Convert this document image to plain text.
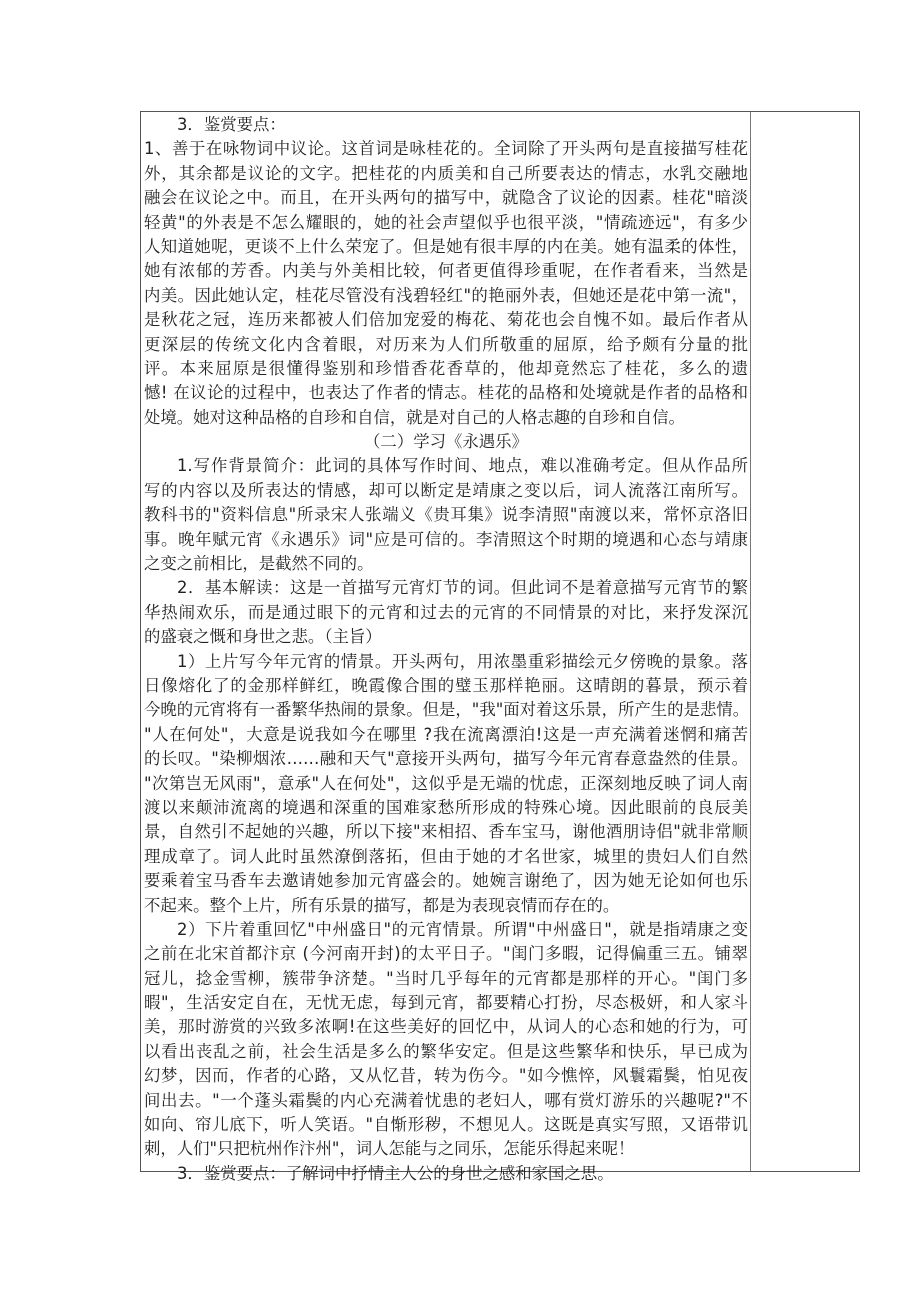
3．鉴赏要点：
1、善于在咏物词中议论。这首词是咏桂花的。全词除了开头两句是直接描写桂花
外，其余都是议论的文字。把桂花的内质美和自己所要表达的情志，水乳交融地
融会在议论之中。而且，在开头两句的描写中，就隐含了议论的因素。桂花"暗淡
轻黄"的外表是不怎么耀眼的，她的社会声望似乎也很平淡，"情疏迹远"，有多少
人知道她呢，更谈不上什么荣宠了。但是她有很丰厚的内在美。她有温柔的体性，
她有浓郁的芳香。内美与外美相比较，何者更值得珍重呢，在作者看来，当然是
内美。因此她认定，桂花尽管没有浅碧轻红"的艳丽外表，但她还是花中第一流"，
是秋花之冠，连历来都被人们倍加宠爱的梅花、菊花也会自愧不如。最后作者从
更深层的传统文化内含着眼，对历来为人们所敬重的屈原，给予颇有分量的批
评。本来屈原是很懂得鉴别和珍惜香花香草的，他却竟然忘了桂花，多么的遗
憾! 在议论的过程中，也表达了作者的情志。桂花的品格和处境就是作者的品格和
处境。她对这种品格的自珍和自信，就是对自己的人格志趣的自珍和自信。
（二）学习《永遇乐》
1.写作背景简介：此词的具体写作时间、地点，难以准确考定。但从作品所
写的内容以及所表达的情感，却可以断定是靖康之变以后，词人流落江南所写。
教科书的"资料信息"所录宋人张端义《贵耳集》说李清照"南渡以来，常怀京洛旧
事。晚年赋元宵《永遇乐》词"应是可信的。李清照这个时期的境遇和心态与靖康
之变之前相比，是截然不同的。
2．基本解读：这是一首描写元宵灯节的词。但此词不是着意描写元宵节的繁
华热闹欢乐，而是通过眼下的元宵和过去的元宵的不同情景的对比，来抒发深沉
的盛衰之慨和身世之悲。（主旨）
1）上片写今年元宵的情景。开头两句，用浓墨重彩描绘元夕傍晚的景象。落
日像熔化了的金那样鲜红，晚霞像合围的璧玉那样艳丽。这晴朗的暮景，预示着
今晚的元宵将有一番繁华热闹的景象。但是，"我"面对着这乐景，所产生的是悲情。
"人在何处"，大意是说我如今在哪里 ?我在流离漂泊!这是一声充满着迷惘和痛苦
的长叹。"染柳烟浓……融和天气"意接开头两句，描写今年元宵春意盎然的佳景。
"次第岂无风雨"，意承"人在何处"，这似乎是无端的忧虑，正深刻地反映了词人南
渡以来颠沛流离的境遇和深重的国难家愁所形成的特殊心境。因此眼前的良辰美
景，自然引不起她的兴趣，所以下接"来相招、香车宝马，谢他酒朋诗侣"就非常顺
理成章了。词人此时虽然潦倒落拓，但由于她的才名世家，城里的贵妇人们自然
要乘着宝马香车去邀请她参加元宵盛会的。她婉言谢绝了，因为她无论如何也乐
不起来。整个上片，所有乐景的描写，都是为表现哀情而存在的。
2）下片着重回忆"中州盛日"的元宵情景。所谓"中州盛日"，就是指靖康之变
之前在北宋首都汴京 (今河南开封)的太平日子。"闺门多暇，记得偏重三五。铺翠
冠儿，捻金雪柳，簇带争济楚。"当时几乎每年的元宵都是那样的开心。"闺门多
暇"，生活安定自在，无忧无虑，每到元宵，都要精心打扮，尽态极妍，和人家斗
美，那时游赏的兴致多浓啊!在这些美好的回忆中，从词人的心态和她的行为，可
以看出丧乱之前，社会生活是多么的繁华安定。但是这些繁华和快乐，早已成为
幻梦，因而，作者的心路，又从忆昔，转为伤今。"如今憔悴，风鬟霜鬓，怕见夜
间出去。"一个蓬头霜鬓的内心充满着忧患的老妇人，哪有赏灯游乐的兴趣呢?"不
如向、帘儿底下，听人笑语。"自惭形秽，不想见人。这既是真实写照，又语带讥
刺，人们"只把杭州作汴州"，词人怎能与之同乐，怎能乐得起来呢！
3．鉴赏要点：了解词中抒情主人公的身世之感和家国之思。
